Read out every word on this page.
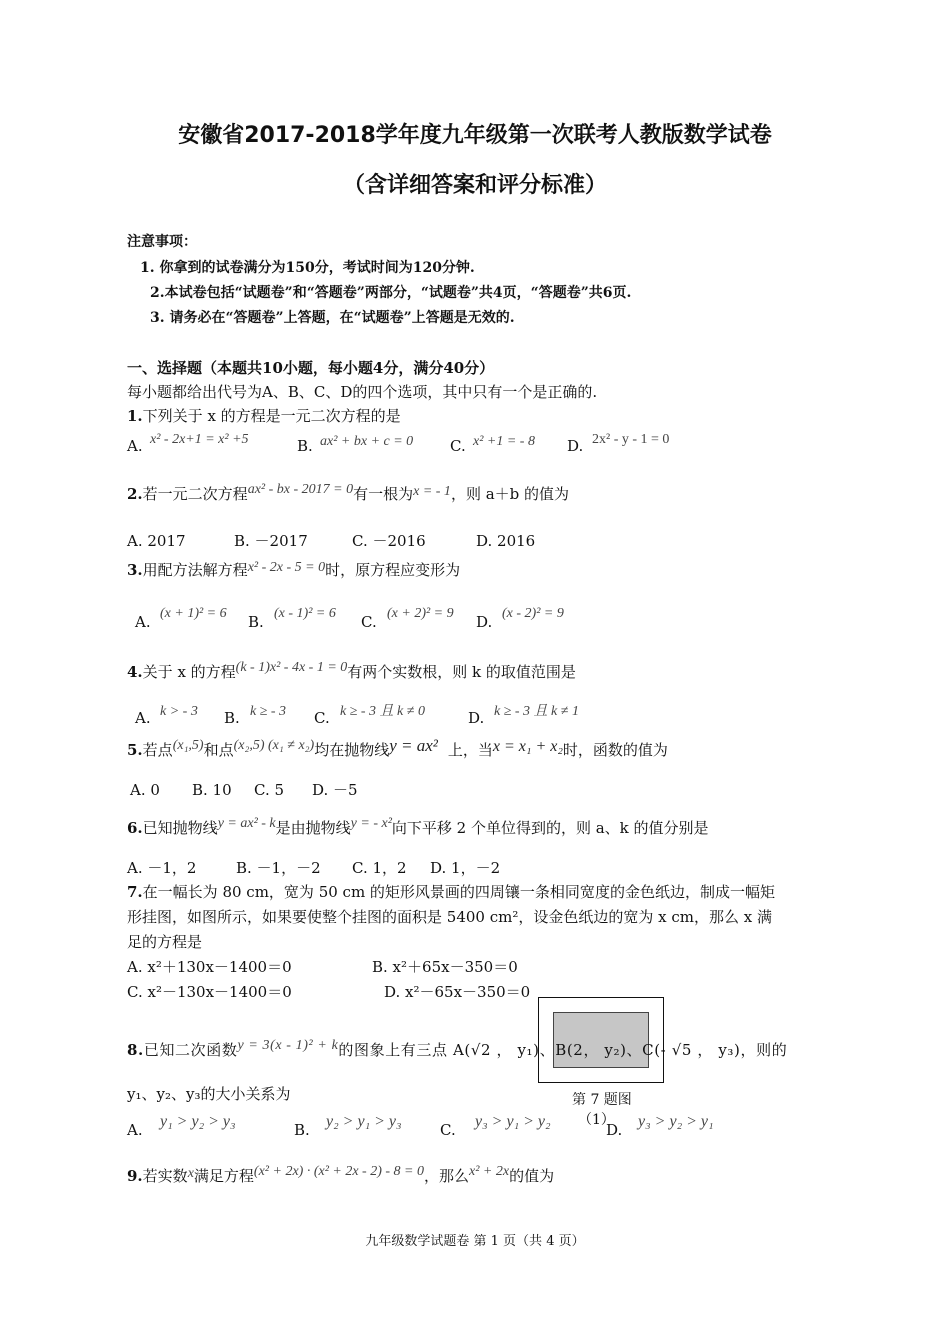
安徽省2017-2018学年度九年级第一次联考人教版数学试卷
（含详细答案和评分标准）
注意事项：
1. 你拿到的试卷满分为150分，考试时间为120分钟.
2.本试卷包括“试题卷”和“答题卷”两部分，“试题卷”共4页，“答题卷”共6页.
3. 请务必在“答题卷”上答题，在“试题卷”上答题是无效的.
一、选择题（本题共10小题，每小题4分，满分40分）
每小题都给出代号为A、B、C、D的四个选项，其中只有一个是正确的.
1.下列关于 x 的方程是一元二次方程的是
A. x² - 2x+1 = x² +5	B. ax² + bx + c = 0 C. x² +1 = - 8 D. 2x² - y - 1 = 0
2.若一元二次方程ax² - bx - 2017 = 0有一根为x = - 1，则 a＋b 的值为
A. 2017	B. －2017	C. －2016	D. 2016
3.用配方法解方程x² - 2x - 5 = 0时，原方程应变形为
A. (x + 1)² = 6 B. (x - 1)² = 6 C. (x + 2)² = 9 D. (x - 2)² = 9
4.关于 x 的方程(k - 1)x² - 4x - 1 = 0有两个实数根，则 k 的取值范围是
A. k > - 3 B. k ≥ - 3 C. k ≥ - 3 且 k ≠ 0	D. k ≥ - 3 且 k ≠ 1
5.若点(x₁,5)和点(x₂,5) (x₁ ≠ x₂)均在抛物线y = ax² 上，当x = x₁ + x₂时，函数的值为
A. 0 B. 10 C. 5 D. －5
6.已知抛物线y = ax² - k是由抛物线y = - x²向下平移 2 个单位得到的，则 a、k 的值分别是
A. －1，2	B. －1，－2 C. 1，2 D. 1，－2
7.在一幅长为 80 cm，宽为 50 cm 的矩形风景画的四周镶一条相同宽度的金色纸边，制成一幅矩
形挂图，如图所示，如果要使整个挂图的面积是 5400 cm²，设金色纸边的宽为 x cm，那么 x 满
足的方程是
A. x²＋130x－1400＝0	B. x²＋65x－350＝0
C. x²－130x－1400＝0	D. x²－65x－350＝0
第 7 题图
8.已知二次函数y = 3(x - 1)² + k的图象上有三点 A(√2 ， y₁)、B(2， y₂)、C(- √5 ， y₃)，则的
y₁、y₂、y₃的大小关系为
A. y₁ > y₂ > y₃	B. y₂ > y₁ > y₃	C. y₃ > y₁ > y₂ （1）
D. y₃ > y₂ > y₁
9.若实数x满足方程(x² + 2x) · (x² + 2x - 2) - 8 = 0，那么x² + 2x的值为
九年级数学试题卷 第 1 页（共 4 页）
